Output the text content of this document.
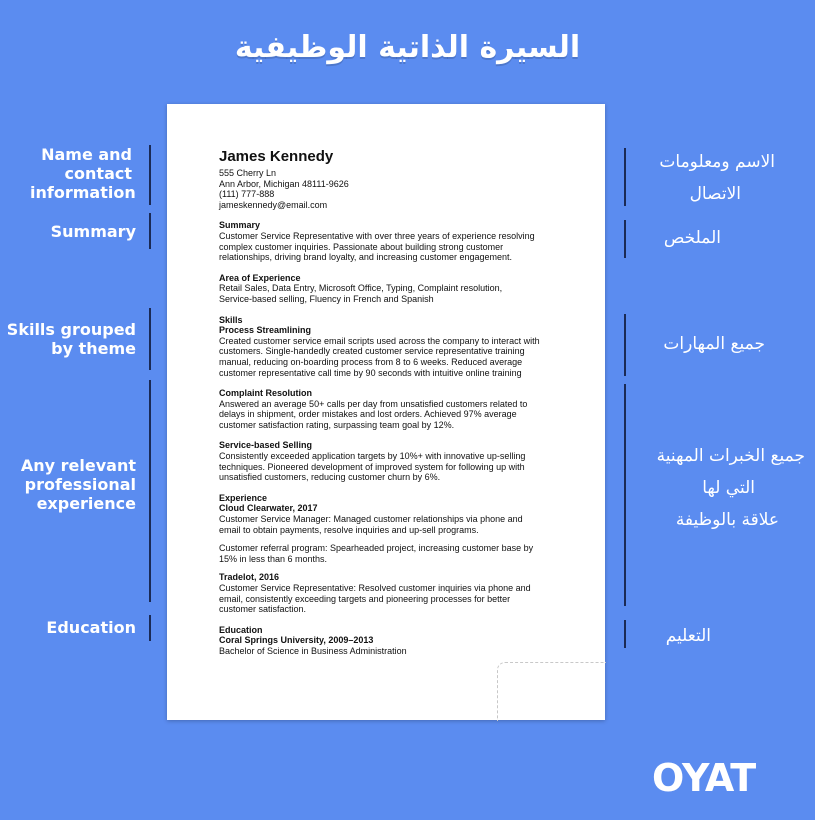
السيرة الذاتية الوظيفية
Name and
contact
information
Summary
Skills grouped
by theme
Any relevant
professional
experience
Education
الاسم ومعلومات
الاتصال
الملخص
جميع المهارات
جميع الخبرات المهنية
التي لها
علاقة بالوظيفة
التعليم
James Kennedy
555 Cherry Ln
Ann Arbor, Michigan 48111-9626
(111) 777-888
jameskennedy@email.com
Summary
Customer Service Representative with over three years of experience resolving
complex customer inquiries. Passionate about building strong customer
relationships, driving brand loyalty, and increasing customer engagement.
Area of Experience
Retail Sales, Data Entry, Microsoft Office, Typing, Complaint resolution,
Service-based selling, Fluency in French and Spanish
Skills
Process Streamlining
Created customer service email scripts used across the company to interact with
customers. Single-handedly created customer service representative training
manual, reducing on-boarding process from 8 to 6 weeks. Reduced average
customer representative call time by 90 seconds with intuitive online training
Complaint Resolution
Answered an average 50+ calls per day from unsatisfied customers related to
delays in shipment, order mistakes and lost orders. Achieved 97% average
customer satisfaction rating, surpassing team goal by 12%.
Service-based Selling
Consistently exceeded application targets by 10%+ with innovative up-selling
techniques. Pioneered development of improved system for following up with
unsatisfied customers, reducing customer churn by 6%.
Experience
Cloud Clearwater, 2017
Customer Service Manager: Managed customer relationships via phone and
email to obtain payments, resolve inquiries and up-sell programs.
Customer referral program: Spearheaded project, increasing customer base by
15% in less than 6 months.
Tradelot, 2016
Customer Service Representative: Resolved customer inquiries via phone and
email, consistently exceeding targets and pioneering processes for better
customer satisfaction.
Education
Coral Springs University, 2009–2013
Bachelor of Science in Business Administration
OYAT
